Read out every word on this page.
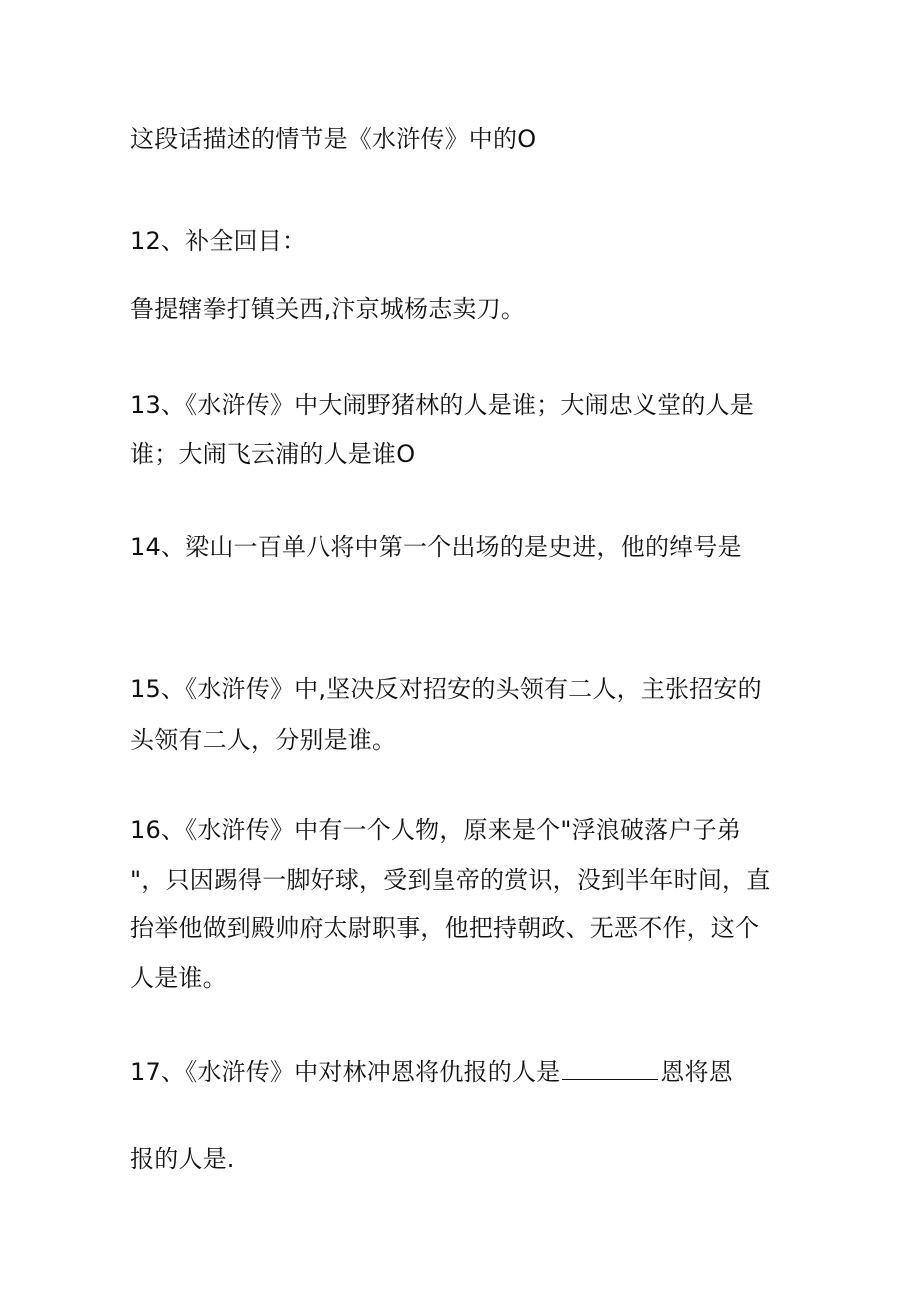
这段话描述的情节是《水浒传》中的O
12、补全回目：
鲁提辖拳打镇关西,汴京城杨志卖刀。
13、《水浒传》中大闹野猪林的人是谁；大闹忠义堂的人是
谁；大闹飞云浦的人是谁O
14、梁山一百单八将中第一个出场的是史进，他的绰号是
15、《水浒传》中,坚决反对招安的头领有二人，主张招安的
头领有二人，分别是谁。
16、《水浒传》中有一个人物，原来是个"浮浪破落户子弟
"，只因踢得一脚好球，受到皇帝的赏识，没到半年时间，直
抬举他做到殿帅府太尉职事，他把持朝政、无恶不作，这个
人是谁。
17、《水浒传》中对林冲恩将仇报的人是	恩将恩
报的人是.
